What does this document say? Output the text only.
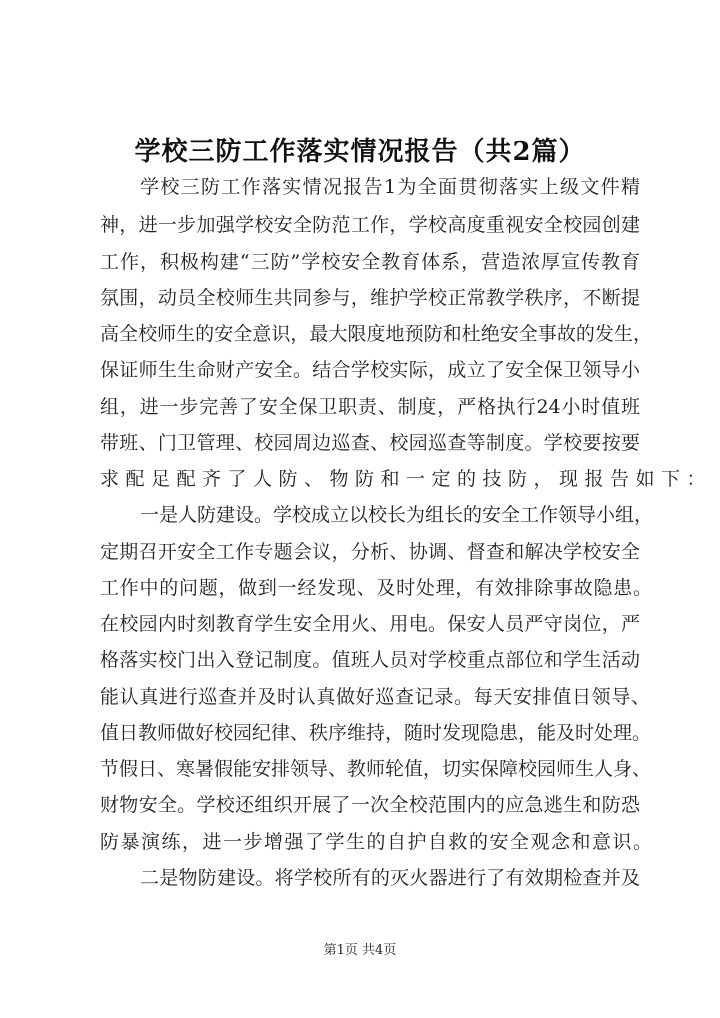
学校三防工作落实情况报告（共2篇）
学校三防工作落实情况报告1为全面贯彻落实上级文件精
神，进一步加强学校安全防范工作，学校高度重视安全校园创建
工作，积极构建“三防”学校安全教育体系，营造浓厚宣传教育
氛围，动员全校师生共同参与，维护学校正常教学秩序，不断提
高全校师生的安全意识，最大限度地预防和杜绝安全事故的发生，
保证师生生命财产安全。结合学校实际，成立了安全保卫领导小
组，进一步完善了安全保卫职责、制度，严格执行24小时值班
带班、门卫管理、校园周边巡查、校园巡查等制度。学校要按要
求配足配齐了人防、物防和一定的技防，现报告如下：
一是人防建设。学校成立以校长为组长的安全工作领导小组，
定期召开安全工作专题会议，分析、协调、督查和解决学校安全
工作中的问题，做到一经发现、及时处理，有效排除事故隐患。
在校园内时刻教育学生安全用火、用电。保安人员严守岗位，严
格落实校门出入登记制度。值班人员对学校重点部位和学生活动
能认真进行巡查并及时认真做好巡查记录。每天安排值日领导、
值日教师做好校园纪律、秩序维持，随时发现隐患，能及时处理。
节假日、寒暑假能安排领导、教师轮值，切实保障校园师生人身、
财物安全。学校还组织开展了一次全校范围内的应急逃生和防恐
防暴演练，进一步增强了学生的自护自救的安全观念和意识。
二是物防建设。将学校所有的灭火器进行了有效期检查并及
第1页 共4页
